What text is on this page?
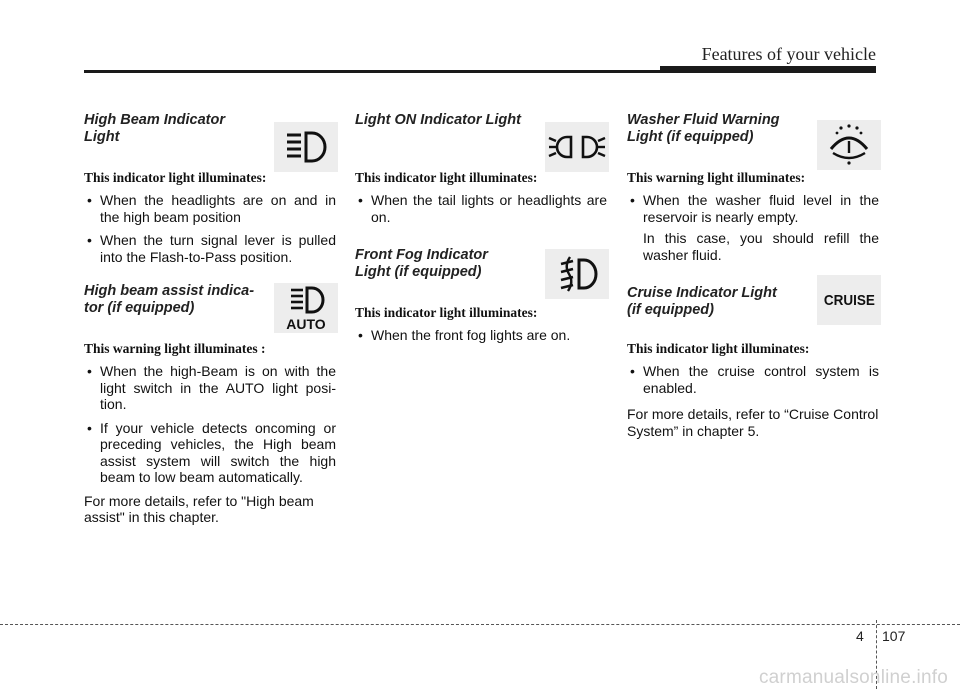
Features of your vehicle
High Beam Indicator
Light

This indicator light illuminates:

• When the headlights are on and in the high beam position
• When the turn signal lever is pulled into the Flash-to-Pass position.
High beam assist indica-
tor (if equipped)
AUTO

This warning light illuminates :

• When the high-Beam is on with the light switch in the AUTO light posi-tion.
• If your vehicle detects oncoming or preceding vehicles, the High beam assist system will switch the high beam to low beam automatically.

For more details, refer to "High beam assist" in this chapter.

Light ON Indicator Light

This indicator light illuminates:

• When the tail lights or headlights are on.
Front Fog Indicator
Light (if equipped)

This indicator light illuminates:

• When the front fog lights are on.
Washer Fluid Warning
Light (if equipped)

This warning light illuminates:

• When the washer fluid level in the reservoir is nearly empty.

In this case, you should refill the washer fluid.

Cruise Indicator Light
(if equipped)
CRUISE

This indicator light illuminates:

• When the cruise control system is enabled.

For more details, refer to “Cruise Control System” in chapter 5.

4 107
carmanualsonline.info
